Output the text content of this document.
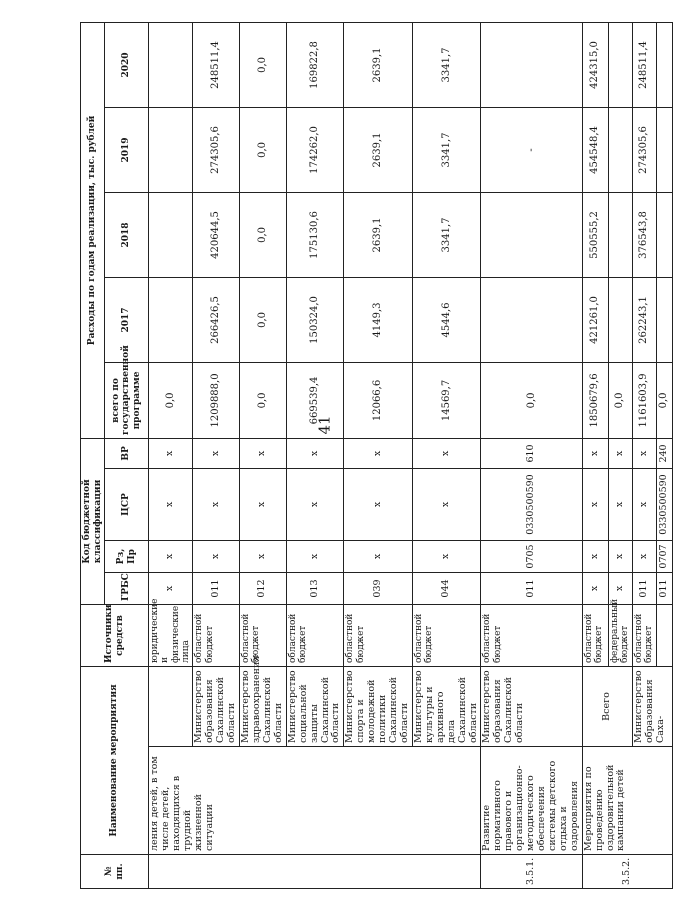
41
№ пп.	Наименование мероприятия		Источники средств	Код бюджетной классификации				Расходы по годам реализации, тыс. рублей				
				ГРБС	Рз, Пр	ЦСР	ВР	всего по государственной программе	2017	2018	2019	2020
	ления детей, в том числе детей, находящихся в трудной жизненной ситуации		юридические и физические лица	x	x	x	x	0,0				
		Министерство образования Сахалинской области	областной бюджет	011	x	x	x	1209888,0	266426,5	420644,5	274305,6	248511,4
		Министерство здравоохранения Сахалинской области	областной бюджет	012	x	x	x	0,0	0,0	0,0	0,0	0,0
		Министерство социальной защиты Сахалинской области	областной бюджет	013	x	x	x	669539,4	150324,0	175130,6	174262,0	169822,8
		Министерство спорта и молодежной политики Сахалинской области	областной бюджет	039	x	x	x	12066,6	4149,3	2639,1	2639,1	2639,1
		Министерство культуры и архивного дела Сахалинской области	областной бюджет	044	x	x	x	14569,7	4544,6	3341,7	3341,7	3341,7
3.5.1.	Развитие нормативного правового и организационно-методического обеспечения системы детского отдыха и оздоровления	Министерство образования Сахалинской области	областной бюджет	011	0705	0330500590	610	0,0			-	
3.5.2.	Мероприятия по проведению оздоровительной кампании детей	Всего	областной бюджет	x	x	x	x	1850679,6	421261,0	550555,2	454548,4	424315,0
			федеральный бюджет	x	x	x	x	0,0				
		Министерство образования Саха-	областной бюджет	011	x	x	x	1161603,9	262243,1	376543,8	274305,6	248511,4
				011	0707	0330500590	240	0,0				
